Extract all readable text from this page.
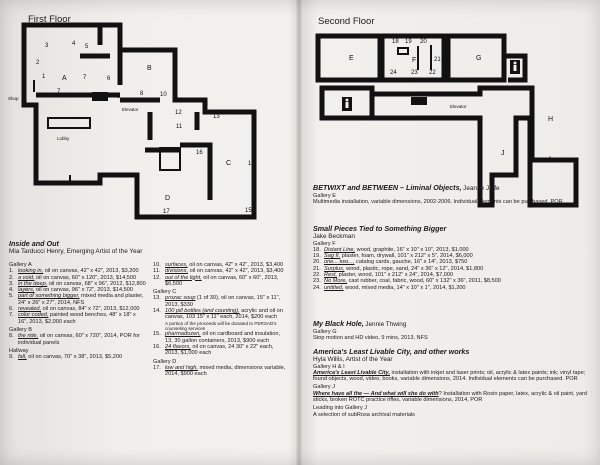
3	4 5
2
1 A
7
7	6
B
8
9	10
11
12
13
14
15
16
C
D
17
Shop
Lobby
Elevator
E	F	G
H
I
J
18 19 20
21
22
23
24
Elevator
First Floor	Second Floor
Inside and Out
Mia Tarducci Henry, Emerging Artist of the Year
Gallery A
1. looking in, oil on canvas, 42" x 42", 2013, $3,200
2. a void, oil on canvas, 60" x 120", 2013, $14,500
3. in the deep, oil on canvas, 68" x 96", 2012, $12,800
4. layers, oil on canvas, 96" x 72", 2013, $14,500
5. part of something bigger, mixed media and plaster, 24" x 26" x 27", 2014, NFS
6. revealed, oil on canvas, 84" x 72", 2013, $12,000
7. color coded, painted wood benches, 48" x 18" x 16", 2013, $2,000 each
Gallery B
8. the ride, oil on canvas, 60" x 720", 2014, POR for individual panels
Hallway
9. fall, oil on canvas, 70" x 38", 2013, $5,200
10. surfaces, oil on canvas, 42" x 42", 2013, $3,400
11. divisions, oil on canvas, 42" x 42", 2013, $3,400
12. out of the light, oil on canvas, 60" x 60", 2013, $6,500
Gallery C
13. prozac soup (1 of 30), oil on canvas, 15" x 11", 2013, $330
14. 100 pill bottles (and counting), acrylic and oil on canvas, 103 15" x 11" each, 2014, $200 each
A portion of the proceeds will be donated to PERSAD's counseling services
15. pharmadozen, oil on cardboard and insulation, 13, 30 gallon containers, 2013, $900 each
16. 24 flavors, oil on canvas, 24 30" x 22" each, 2013, $1,000 each
Gallery D
17. low and high, mixed media, dimensions variable, 2014, $900 each
BETWIXT and BETWEEN – Liminal Objects, Jeanne Jaffe
Gallery E
Multimedia installation, variable dimensions, 2002-2006. Individual elements can be purchased. POR
Small Pieces Tied to Something Bigger
Jake Beckman
Gallery F
18. Distant Line, wood, graphite, 16" x 10" x 10", 2013, $1,000
19. Sag II, plaster, foam, drywall, 101" x 212" x 5", 2014, $6,000
20. one... two..., catalog cards, gauche, 16" x 14", 2013, $750
21. Surplus, wood, plastic, rope, sand, 24" x 36" x 12", 2014, $1,800
22. Rest, plaster, wood, 101" x 212" x 24", 2014, $7,000
23. No More, cast rubber, coal, fabric, wood, 60" x 132" x 36", 2011, $8,500
24. untitled, wood, mixed media, 14" x 10" x 1", 2014, $1,200
My Black Hole, Jennie Thwing
Gallery G
Stop motion and HD video, 9 mins, 2013, NFS
America's Least Livable City, and other works
Hyla Willis, Artist of the Year
Gallery H & I
America's Least Livable City, installation with inkjet and laser prints; oil, acrylic & latex paints; ink; vinyl tape; found objects, wood, video, books, variable dimensions, 2014. Individual elements can be purchased. POR
Gallery J
Where have all the — And what will she do with? Installation with Rosin paper, latex, acrylic & oil paint, yard sticks, broken ROTC practice rifles, variable dimensions, 2014, POR
Leading into Gallery J
A selection of subRosa archival materials
